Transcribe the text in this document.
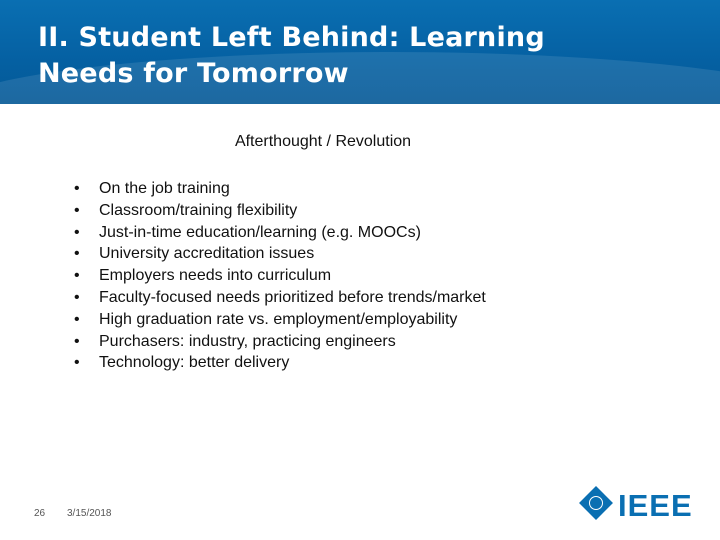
II. Student Left Behind: Learning
Needs for Tomorrow
Afterthought / Revolution
• On the job training
• Classroom/training flexibility
• Just-in-time education/learning (e.g. MOOCs)
• University accreditation issues
• Employers needs into curriculum
• Faculty-focused needs prioritized before trends/market
• High graduation rate vs. employment/employability
• Purchasers: industry, practicing engineers
• Technology: better delivery
26 3/15/2018	IEEE
